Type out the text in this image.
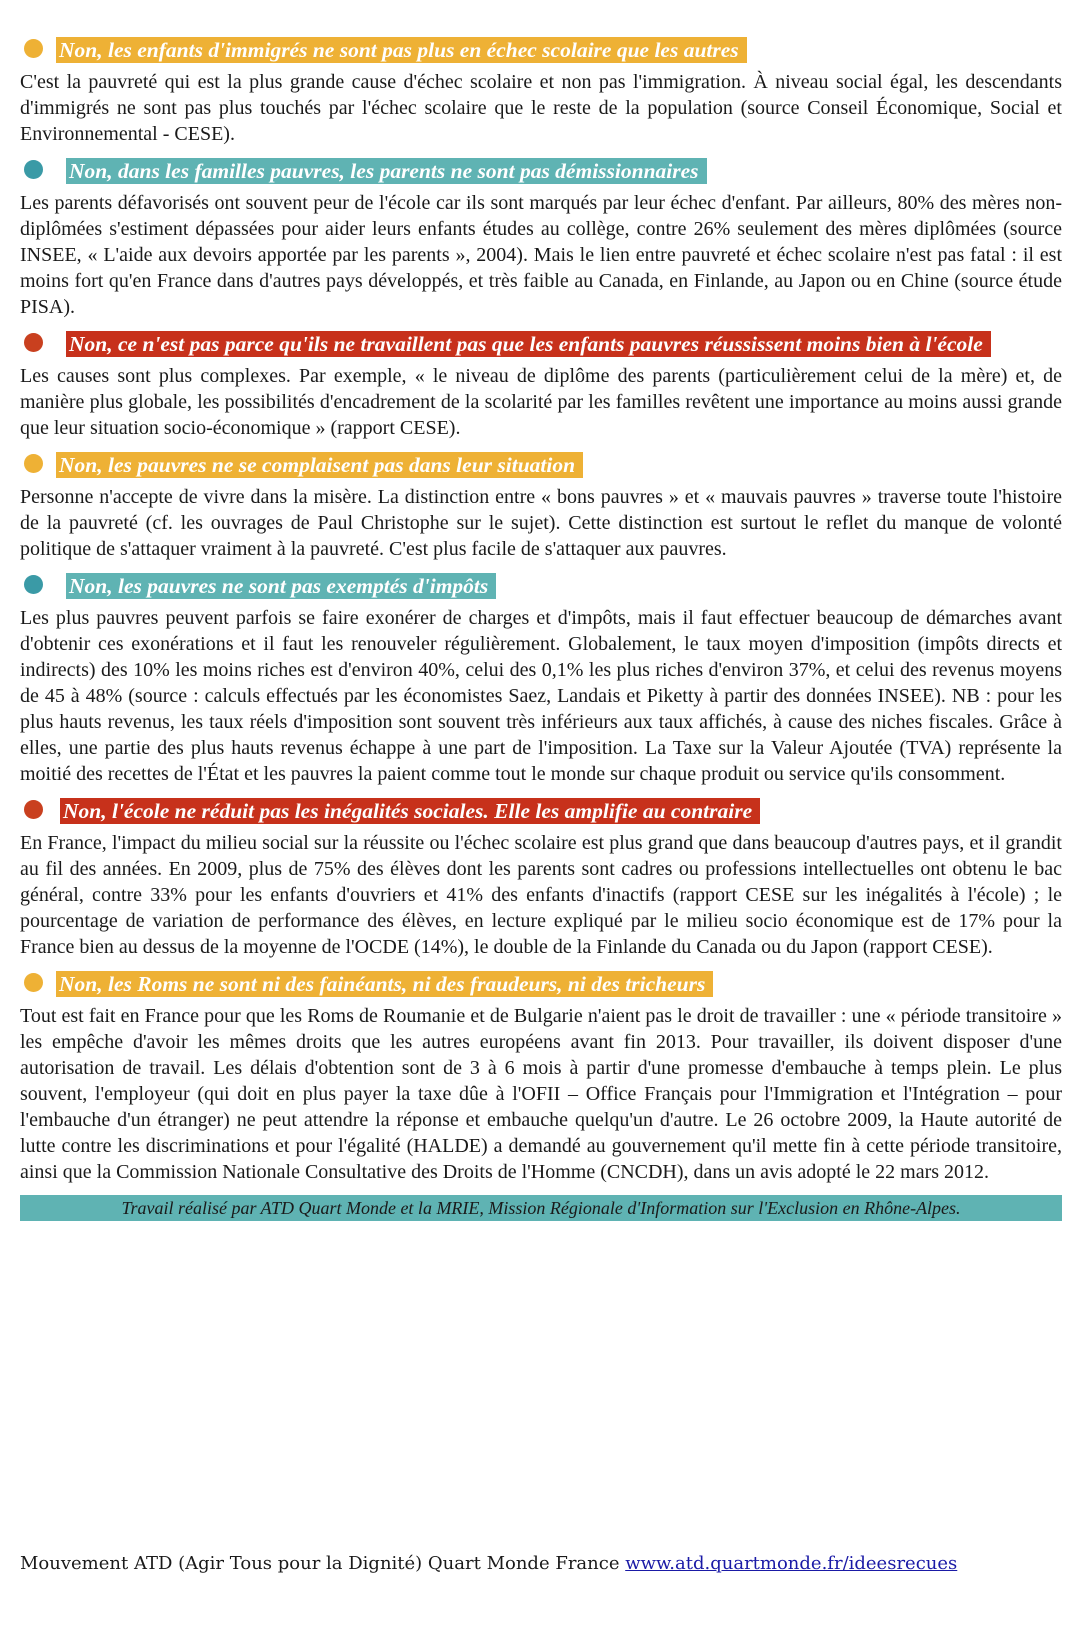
Non, les enfants d'immigrés ne sont pas plus en échec scolaire que les autres

C'est la pauvreté qui est la plus grande cause d'échec scolaire et non pas l'immigration. À niveau social égal, les descendants d'immigrés ne sont pas plus touchés par l'échec scolaire que le reste de la population (source Conseil Économique, Social et Environnemental - CESE).

Non, dans les familles pauvres, les parents ne sont pas démissionnaires

Les parents défavorisés ont souvent peur de l'école car ils sont marqués par leur échec d'enfant. Par ailleurs, 80% des mères non-diplômées s'estiment dépassées pour aider leurs enfants études au collège, contre 26% seulement des mères diplômées (source INSEE, « L'aide aux devoirs apportée par les parents », 2004). Mais le lien entre pauvreté et échec scolaire n'est pas fatal : il est moins fort qu'en France dans d'autres pays développés, et très faible au Canada, en Finlande, au Japon ou en Chine (source étude PISA).

Non, ce n'est pas parce qu'ils ne travaillent pas que les enfants pauvres réussissent moins bien à l'école

Les causes sont plus complexes. Par exemple, « le niveau de diplôme des parents (particulièrement celui de la mère) et, de manière plus globale, les possibilités d'encadrement de la scolarité par les familles revêtent une importance au moins aussi grande que leur situation socio-économique » (rapport CESE).

Non, les pauvres ne se complaisent pas dans leur situation

Personne n'accepte de vivre dans la misère. La distinction entre « bons pauvres » et « mauvais pauvres » traverse toute l'histoire de la pauvreté (cf. les ouvrages de Paul Christophe sur le sujet). Cette distinction est surtout le reflet du manque de volonté politique de s'attaquer vraiment à la pauvreté. C'est plus facile de s'attaquer aux pauvres.

Non, les pauvres ne sont pas exemptés d'impôts

Les plus pauvres peuvent parfois se faire exonérer de charges et d'impôts, mais il faut effectuer beaucoup de démarches avant d'obtenir ces exonérations et il faut les renouveler régulièrement. Globalement, le taux moyen d'imposition (impôts directs et indirects) des 10% les moins riches est d'environ 40%, celui des 0,1% les plus riches d'environ 37%, et celui des revenus moyens de 45 à 48% (source : calculs effectués par les économistes Saez, Landais et Piketty à partir des données INSEE). NB : pour les plus hauts revenus, les taux réels d'imposition sont souvent très inférieurs aux taux affichés, à cause des niches fiscales. Grâce à elles, une partie des plus hauts revenus échappe à une part de l'imposition. La Taxe sur la Valeur Ajoutée (TVA) représente la moitié des recettes de l'État et les pauvres la paient comme tout le monde sur chaque produit ou service qu'ils consomment.

Non, l'école ne réduit pas les inégalités sociales. Elle les amplifie au contraire

En France, l'impact du milieu social sur la réussite ou l'échec scolaire est plus grand que dans beaucoup d'autres pays, et il grandit au fil des années. En 2009, plus de 75% des élèves dont les parents sont cadres ou professions intellectuelles ont obtenu le bac général, contre 33% pour les enfants d'ouvriers et 41% des enfants d'inactifs (rapport CESE sur les inégalités à l'école) ; le pourcentage de variation de performance des élèves, en lecture expliqué par le milieu socio économique est de 17% pour la France bien au dessus de la moyenne de l'OCDE (14%), le double de la Finlande du Canada ou du Japon (rapport CESE).

Non, les Roms ne sont ni des fainéants, ni des fraudeurs, ni des tricheurs

Tout est fait en France pour que les Roms de Roumanie et de Bulgarie n'aient pas le droit de travailler : une « période transitoire » les empêche d'avoir les mêmes droits que les autres européens avant fin 2013. Pour travailler, ils doivent disposer d'une autorisation de travail. Les délais d'obtention sont de 3 à 6 mois à partir d'une promesse d'embauche à temps plein. Le plus souvent, l'employeur (qui doit en plus payer la taxe dûe à l'OFII – Office Français pour l'Immigration et l'Intégration – pour l'embauche d'un étranger) ne peut attendre la réponse et embauche quelqu'un d'autre. Le 26 octobre 2009, la Haute autorité de lutte contre les discriminations et pour l'égalité (HALDE) a demandé au gouvernement qu'il mette fin à cette période transitoire, ainsi que la Commission Nationale Consultative des Droits de l'Homme (CNCDH), dans un avis adopté le 22 mars 2012.

Travail réalisé par ATD Quart Monde et la MRIE, Mission Régionale d'Information sur l'Exclusion en Rhône-Alpes.
Mouvement ATD (Agir Tous pour la Dignité) Quart Monde France www.atd.quartmonde.fr/ideesrecues
